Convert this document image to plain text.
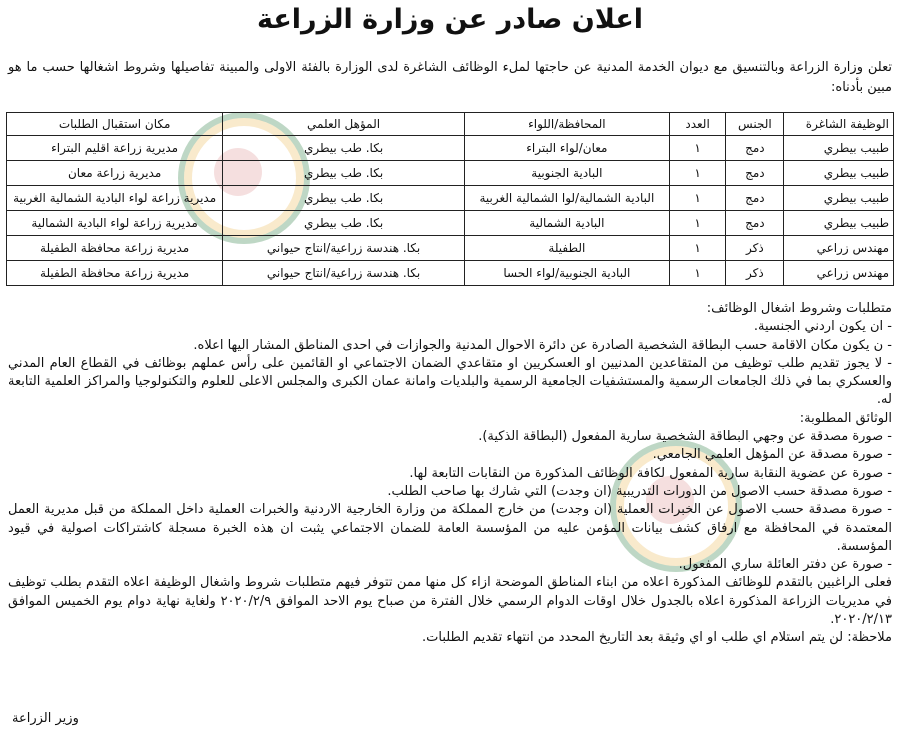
اعلان صادر عن وزارة الزراعة
تعلن وزارة الزراعة وبالتنسيق مع ديوان الخدمة المدنية عن حاجتها لملء الوظائف الشاغرة لدى الوزارة بالفئة الاولى والمبينة تفاصيلها وشروط اشغالها حسب ما هو مبين بأدناه:
الوظيفة الشاغرة	الجنس	العدد	المحافظة/اللواء	المؤهل العلمي	مكان استقبال الطلبات
طبيب بيطري	دمج	١	معان/لواء البتراء	بكا. طب بيطري	مديرية زراعة اقليم البتراء
طبيب بيطري	دمج	١	البادية الجنوبية	بكا. طب بيطري	مديرية زراعة معان
طبيب بيطري	دمج	١	البادية الشمالية/لوا الشمالية الغربية	بكا. طب بيطري	مديرية زراعة لواء البادية الشمالية الغربية
طبيب بيطري	دمج	١	البادية الشمالية	بكا. طب بيطري	مديرية زراعة لواء البادية الشمالية
مهندس زراعي	ذكر	١	الطفيلة	بكا. هندسة زراعية/انتاج حيواني	مديرية زراعة محافظة الطفيلة
مهندس زراعي	ذكر	١	البادية الجنوبية/لواء الحسا	بكا. هندسة زراعية/انتاج حيواني	مديرية زراعة محافظة الطفيلة

متطلبات وشروط اشغال الوظائف:

- ان يكون اردني الجنسية.

- ن يكون مكان الاقامة حسب البطاقة الشخصية الصادرة عن دائرة الاحوال المدنية والجوازات في احدى المناطق المشار اليها اعلاه.

- لا يجوز تقديم طلب توظيف من المتقاعدين المدنيين او العسكريين او متقاعدي الضمان الاجتماعي او القائمين على رأس عملهم بوظائف في القطاع العام المدني والعسكري بما في ذلك الجامعات الرسمية والمستشفيات الجامعية الرسمية والبلديات وامانة عمان الكبرى والمجلس الاعلى للعلوم والتكنولوجيا والمراكز العلمية التابعة له.

الوثائق المطلوبة:

- صورة مصدقة عن وجهي البطاقة الشخصية سارية المفعول (البطاقة الذكية).

- صورة مصدقة عن المؤهل العلمي الجامعي.

- صورة عن عضوية النقابة سارية المفعول لكافة الوظائف المذكورة من النقابات التابعة لها.

- صورة مصدقة حسب الاصول من الدورات التدريبية (ان وجدت) التي شارك بها صاحب الطلب.

- صورة مصدقة حسب الاصول عن الخبرات العملية (ان وجدت) من خارج المملكة من وزارة الخارجية الاردنية والخبرات العملية داخل المملكة من قبل مديرية العمل المعتمدة في المحافظة مع ارفاق كشف بيانات المؤمن عليه من المؤسسة العامة للضمان الاجتماعي يثبت ان هذه الخبرة مسجلة كاشتراكات اصولية في قيود المؤسسة.

- صورة عن دفتر العائلة ساري المفعول.

فعلى الراغبين بالتقدم للوظائف المذكورة اعلاه من ابناء المناطق الموضحة ازاء كل منها ممن تتوفر فيهم متطلبات شروط واشغال الوظيفة اعلاه التقدم بطلب توظيف في مديريات الزراعة المذكورة اعلاه بالجدول خلال اوقات الدوام الرسمي خلال الفترة من صباح يوم الاحد الموافق ٢٠٢٠/٢/٩ ولغاية نهاية دوام يوم الخميس الموافق ٢٠٢٠/٢/١٣.

ملاحظة: لن يتم استلام اي طلب او اي وثيقة بعد التاريخ المحدد من انتهاء تقديم الطلبات.

وزير الزراعة
